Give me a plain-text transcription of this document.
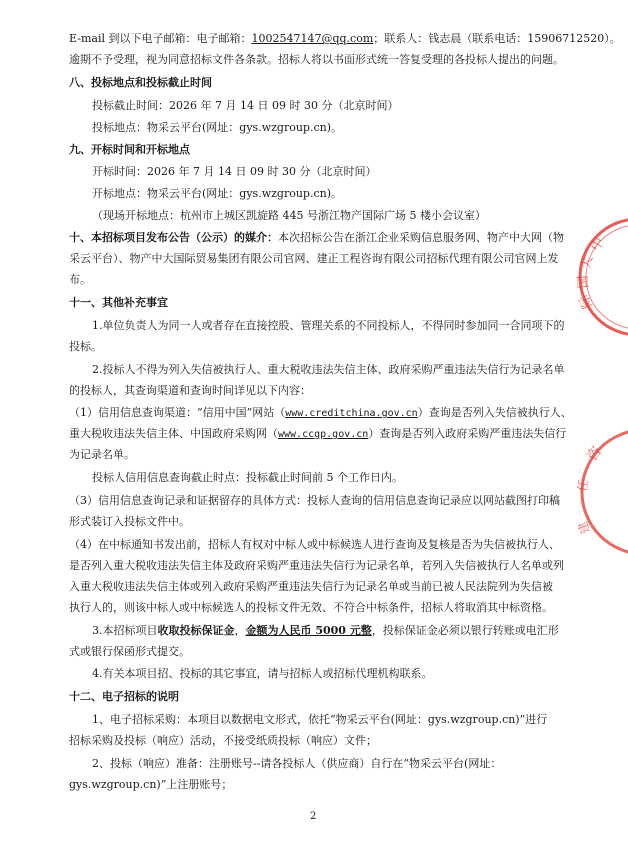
E-mail 到以下电子邮箱：电子邮箱：1002547147@qq.com；联系人：钱志晨（联系电话：15906712520）。
逾期不予受理，视为同意招标文件各条款。招标人将以书面形式统一答复受理的各投标人提出的问题。
八、投标地点和投标截止时间
投标截止时间：2026 年 7 月 14 日 09 时 30 分（北京时间）
投标地点：物采云平台(网址：gys.wzgroup.cn)。
九、开标时间和开标地点
开标时间：2026 年 7 月 14 日 09 时 30 分（北京时间）
开标地点：物采云平台(网址：gys.wzgroup.cn)。
（现场开标地点：杭州市上城区凯旋路 445 号浙江物产国际广场 5 楼小会议室）
十、本招标项目发布公告（公示）的媒介：本次招标公告在浙江企业采购信息服务网、物产中大网（物
采云平台）、物产中大国际贸易集团有限公司官网、建正工程咨询有限公司招标代理有限公司官网上发
布。
十一、其他补充事宜
1.单位负责人为同一人或者存在直接控股、管理关系的不同投标人，不得同时参加同一合同项下的
投标。
2.投标人不得为列入失信被执行人、重大税收违法失信主体、政府采购严重违法失信行为记录名单
的投标人，其查询渠道和查询时间详见以下内容：
（1）信用信息查询渠道：“信用中国”网站（www.creditchina.gov.cn）查询是否列入失信被执行人、
重大税收违法失信主体、中国政府采购网（www.ccgp.gov.cn）查询是否列入政府采购严重违法失信行
为记录名单。
投标人信用信息查询截止时点：投标截止时间前 5 个工作日内。
（3）信用信息查询记录和证据留存的具体方式：投标人查询的信用信息查询记录应以网站截图打印稿
形式装订入投标文件中。
（4）在中标通知书发出前，招标人有权对中标人或中标候选人进行查询及复核是否为失信被执行人、
是否列入重大税收违法失信主体及政府采购严重违法失信行为记录名单，若列入失信被执行人名单或列
入重大税收违法失信主体或列入政府采购严重违法失信行为记录名单或当前已被人民法院列为失信被
执行人的，则该中标人或中标候选人的投标文件无效、不符合中标条件，招标人将取消其中标资格。
3.本招标项目收取投标保证金，金额为人民币 5000 元整，投标保证金必须以银行转账或电汇形
式或银行保函形式提交。
4.有关本项目招、投标的其它事宜，请与招标人或招标代理机构联系。
十二、电子招标的说明
1、电子招标采购：本项目以数据电文形式，依托“物采云平台(网址：gys.wzgroup.cn)”进行
招标采购及投标（响应）活动，不接受纸质投标（响应）文件；
2、投标（响应）准备：注册账号--请各投标人（供应商）自行在“物采云平台(网址：
gys.wzgroup.cn)”上注册账号；
2
中
大
国
际
咨
任
建
